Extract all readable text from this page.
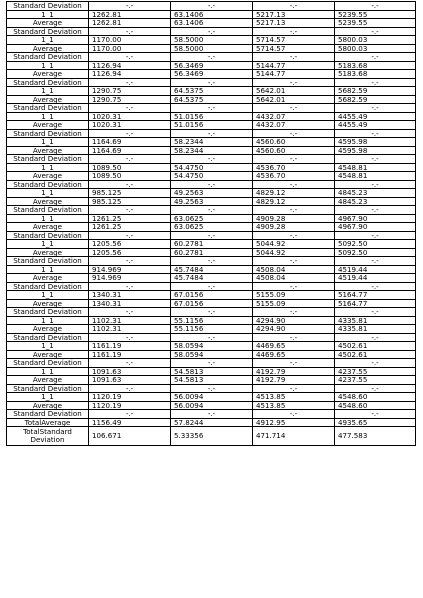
Standard Deviation	-.-	-.-	-.-	-.-
1_1	1262.81	63.1406	5217.13	5239.55
Average	1262.81	63.1406	5217.13	5239.55
Standard Deviation	-.-	-.-	-.-	-.-
1_1	1170.00	58.5000	5714.57	5800.03
Average	1170.00	58.5000	5714.57	5800.03
Standard Deviation	-.-	-.-	-.-	-.-
1_1	1126.94	56.3469	5144.77	5183.68
Average	1126.94	56.3469	5144.77	5183.68
Standard Deviation	-.-	-.-	-.-	-.-
1_1	1290.75	64.5375	5642.01	5682.59
Average	1290.75	64.5375	5642.01	5682.59
Standard Deviation	-.-	-.-	-.-	-.-
1_1	1020.31	51.0156	4432.07	4455.49
Average	1020.31	51.0156	4432.07	4455.49
Standard Deviation	-.-	-.-	-.-	-.-
1_1	1164.69	58.2344	4560.60	4595.98
Average	1164.69	58.2344	4560.60	4595.98
Standard Deviation	-.-	-.-	-.-	-.-
1_1	1089.50	54.4750	4536.70	4548.81
Average	1089.50	54.4750	4536.70	4548.81
Standard Deviation	-.-	-.-	-.-	-.-
1_1	985.125	49.2563	4829.12	4845.23
Average	985.125	49.2563	4829.12	4845.23
Standard Deviation	-.-	-.-	-.-	-.-
1_1	1261.25	63.0625	4909.28	4967.90
Average	1261.25	63.0625	4909.28	4967.90
Standard Deviation	-.-	-.-	-.-	-.-
1_1	1205.56	60.2781	5044.92	5092.50
Average	1205.56	60.2781	5044.92	5092.50
Standard Deviation	-.-	-.-	-.-	-.-
1_1	914.969	45.7484	4508.04	4519.44
Average	914.969	45.7484	4508.04	4519.44
Standard Deviation	-.-	-.-	-.-	-.-
1_1	1340.31	67.0156	5155.09	5164.77
Average	1340.31	67.0156	5155.09	5164.77
Standard Deviation	-.-	-.-	-.-	-.-
1_1	1102.31	55.1156	4294.90	4335.81
Average	1102.31	55.1156	4294.90	4335.81
Standard Deviation	-.-	-.-	-.-	-.-
1_1	1161.19	58.0594	4469.65	4502.61
Average	1161.19	58.0594	4469.65	4502.61
Standard Deviation	-.-	-.-	-.-	-.-
1_1	1091.63	54.5813	4192.79	4237.55
Average	1091.63	54.5813	4192.79	4237.55
Standard Deviation	-.-	-.-	-.-	-.-
1_1	1120.19	56.0094	4513.85	4548.60
Average	1120.19	56.0094	4513.85	4548.60
Standard Deviation	-.-	-.-	-.-	-.-
TotalAverage	1156.49	57.8244	4912.95	4935.65
TotalStandard Deviation	106.671	5.33356	471.714	477.583
